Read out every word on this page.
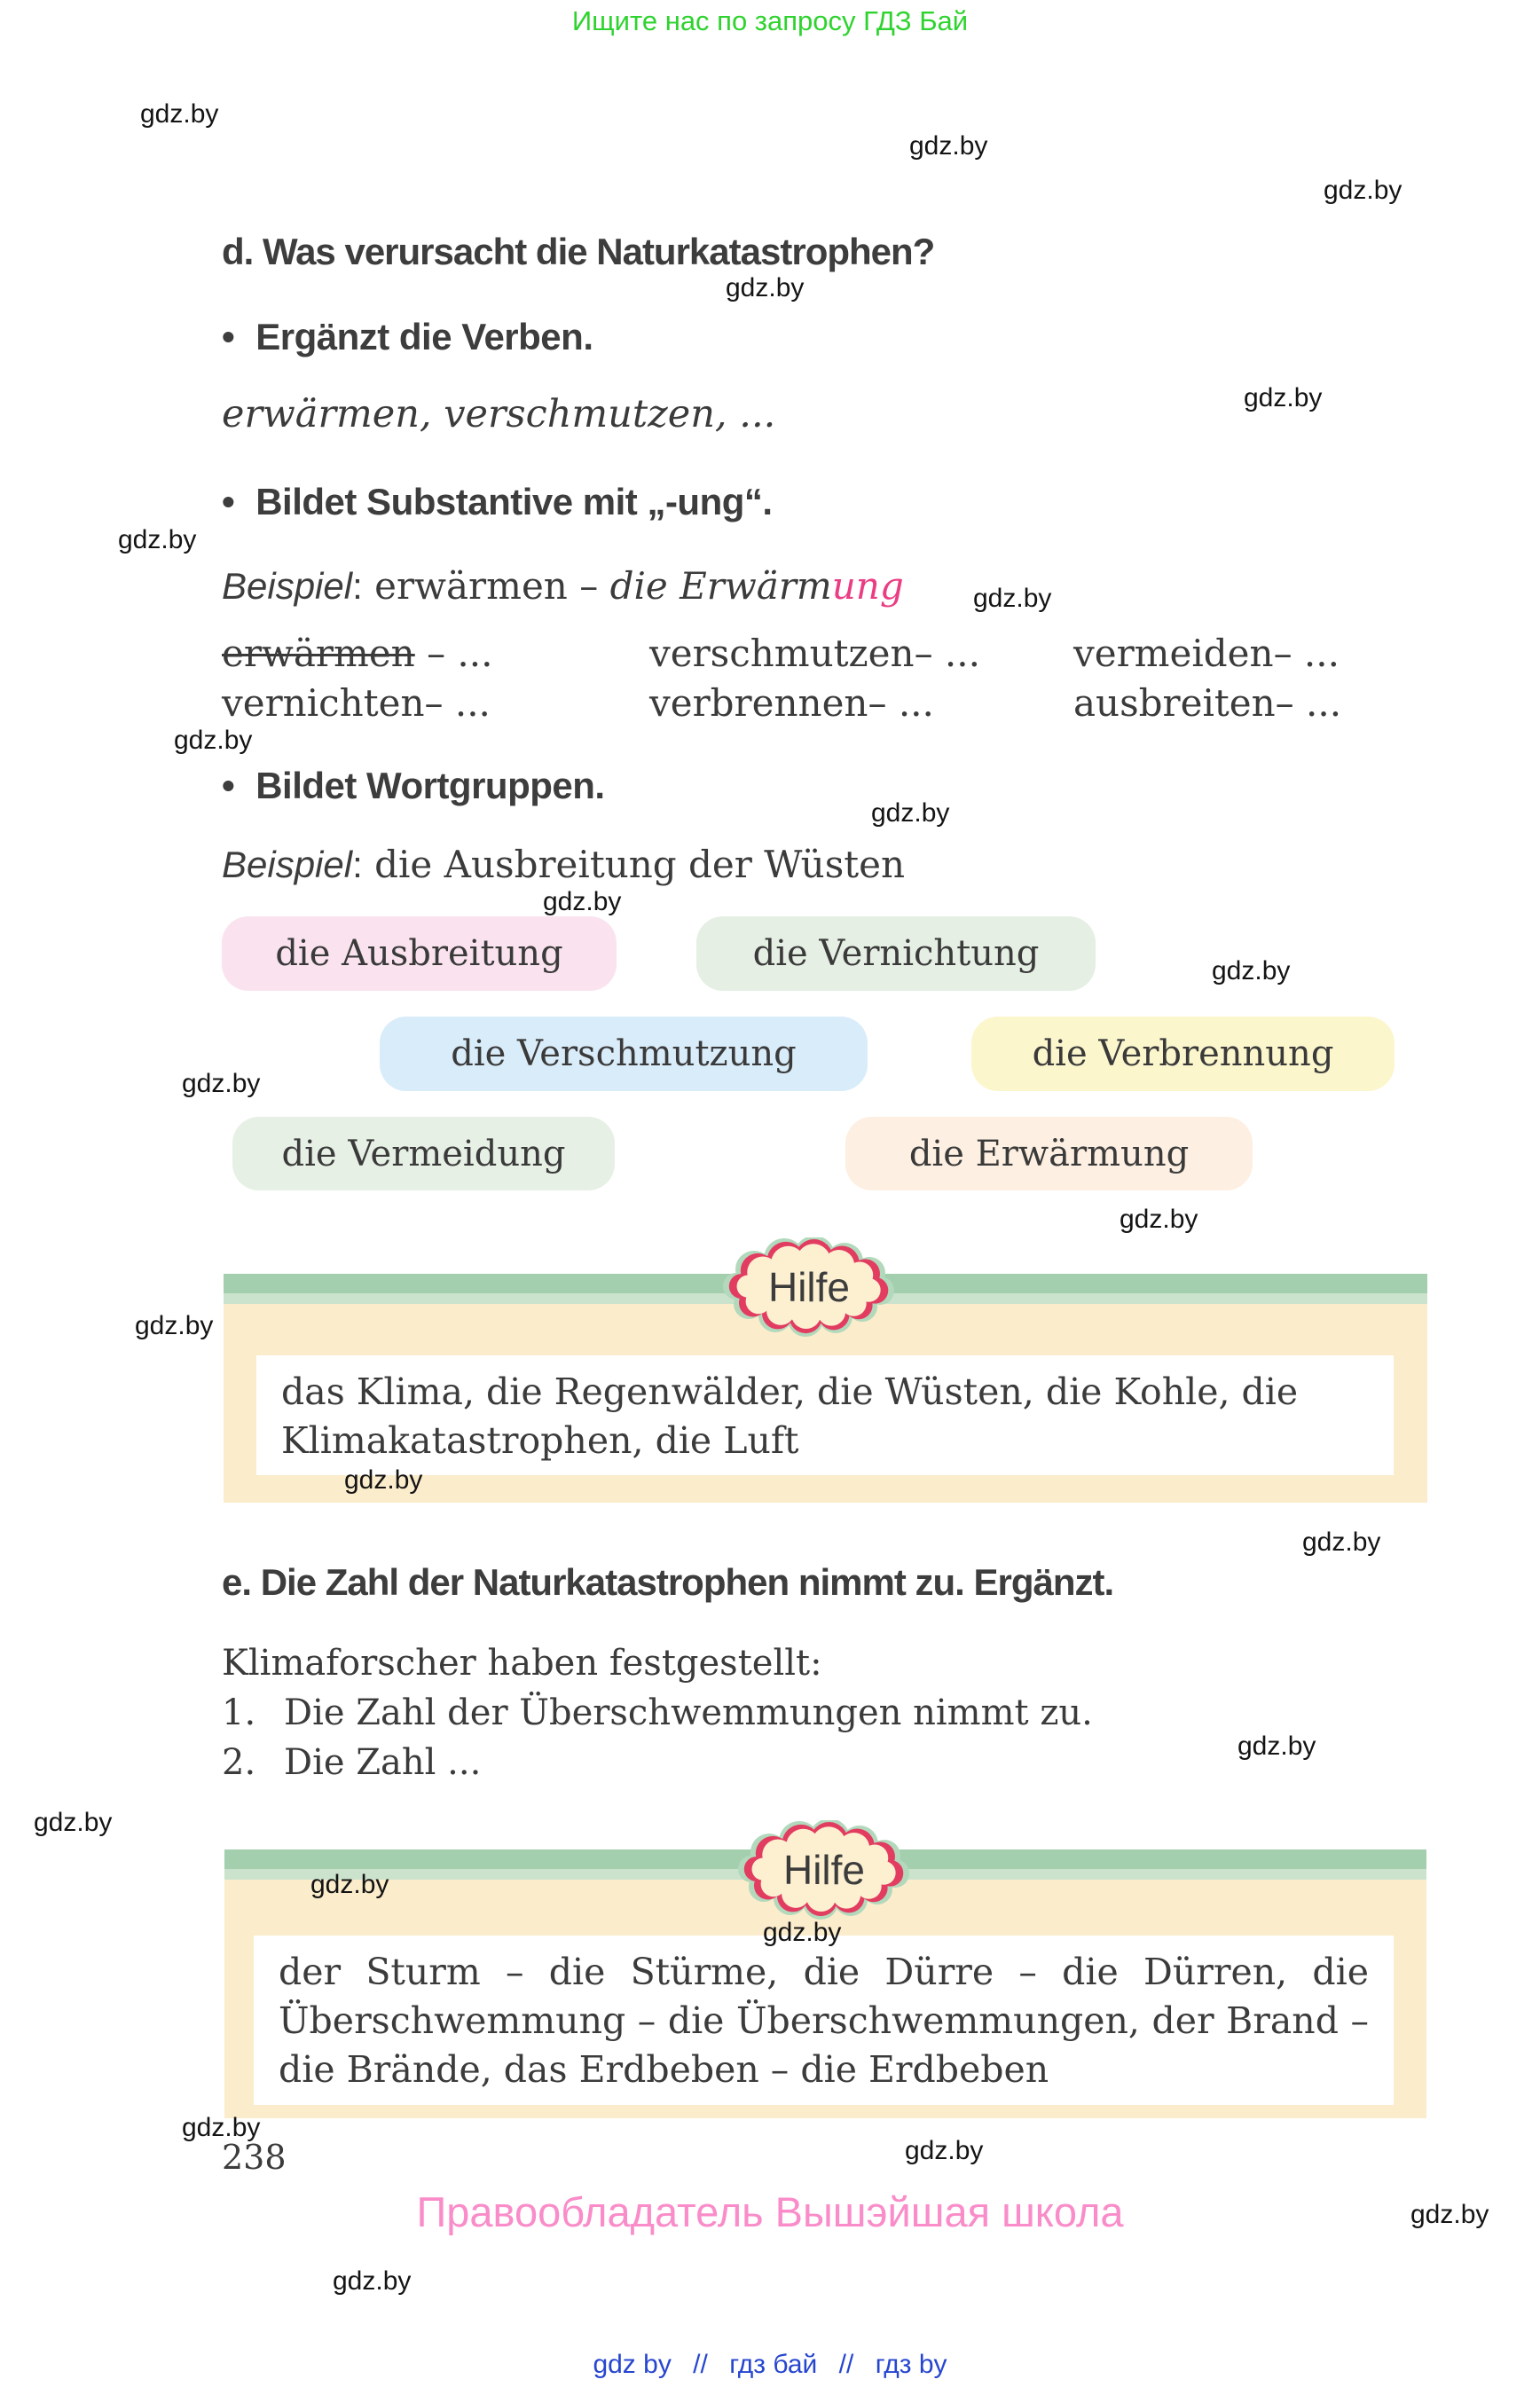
Ищите нас по запросу ГДЗ Бай
gdz.by
gdz.by
gdz.by
gdz.by
gdz.by
gdz.by
gdz.by
gdz.by
gdz.by
gdz.by
gdz.by
gdz.by
gdz.by
gdz.by
gdz.by
gdz.by
gdz.by
gdz.by
gdz.by
gdz.by
gdz.by
gdz.by
gdz.by
gdz.by
d. Was verursacht die Naturkatastrophen?
• Ergänzt die Verben.
erwärmen, verschmutzen, ...
• Bildet Substantive mit „-ung“.
Beispiel: erwärmen – die Erwärmung
erwärmen – ...	verschmutzen– ...	vermeiden– ...
vernichten– ...	verbrennen– ...	ausbreiten– ...
• Bildet Wortgruppen.
Beispiel: die Ausbreitung der Wüsten
die Ausbreitung	die Vernichtung
die Verschmutzung	die Verbrennung
die Vermeidung	die Erwärmung
Hilfe
das Klima, die Regenwälder, die Wüsten, die Kohle, die Klimakatastrophen, die Luft
e. Die Zahl der Naturkatastrophen nimmt zu. Ergänzt.
Klimaforscher haben festgestellt:
1. Die Zahl der Überschwemmungen nimmt zu.
2. Die Zahl ...
Hilfe
der Sturm – die Stürme, die Dürre – die Dürren, die Überschwemmung – die Überschwemmungen, der Brand – die Brände, das Erdbeben – die Erdbeben
238
Правообладатель Вышэйшая школа
gdz by // гдз бай // гдз by
